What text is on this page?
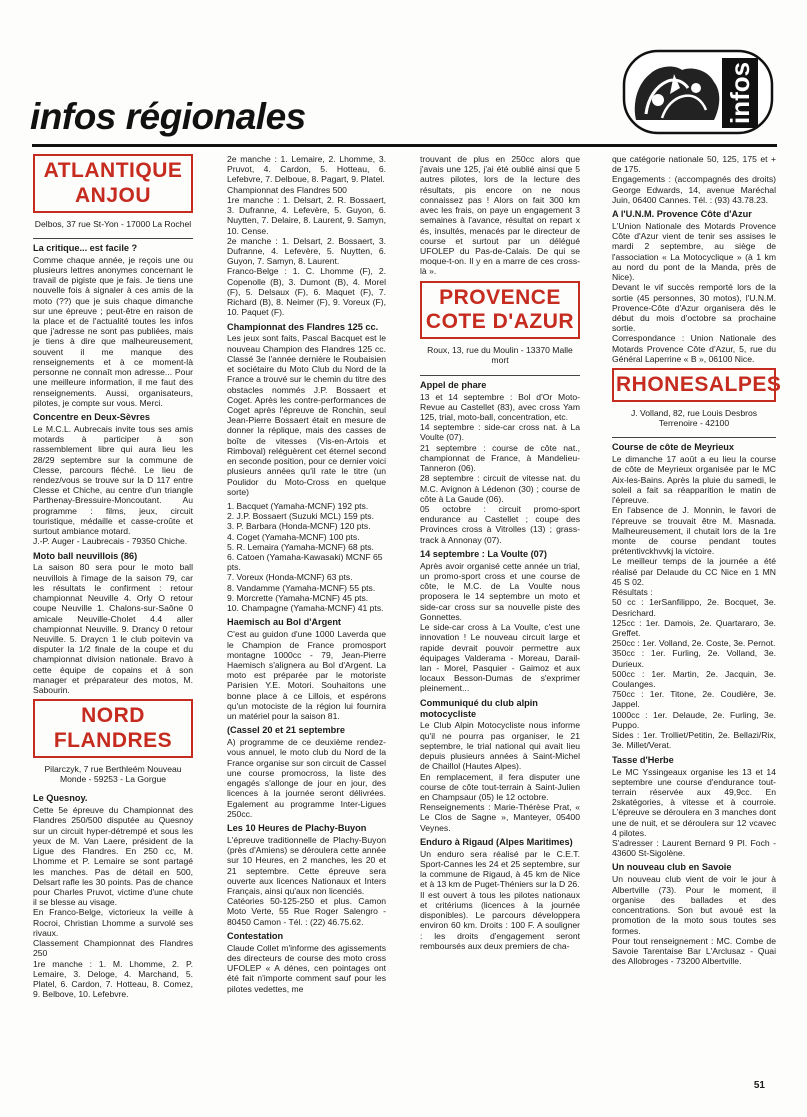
infos régionales	infos
ATLANTIQUE
ANJOU
Delbos, 37 rue St-Yon - 17000 La Rochel
La critique... est facile ?

Comme chaque année, je reçois une ou plusieurs lettres anonymes concernant le travail de pigiste que je fais. Je tiens une nouvelle fois à signaler à ces amis de la moto (??) que je suis chaque dimanche sur une épreuve ; peut-être en raison de la place et de l'actualité toutes les infos que j'adresse ne sont pas publiées, mais je tiens à dire que malheureusement, souvent il me manque des renseignements et à ce moment-là personne ne connaît mon adresse... Pour une meilleure information, il me faut des renseignements. Aussi, organisateurs, pilotes, je compte sur vous. Merci.

Concentre en Deux-Sèvres

Le M.C.L. Aubrecais invite tous ses amis motards à participer à son rassemblement libre qui aura lieu les 28/29 septembre sur la commune de Clesse, parcours fléché. Le lieu de rendez/vous se trouve sur la D 117 entre Clesse et Chiche, au centre d'un triangle Parthenay-Bressuire-Moncoutant. Au programme : films, jeux, circuit touristique, médaille et casse-croûte et surtout ambiance motard.

J.-P. Auger - Laubrecais - 79350 Chiche.

Moto ball neuvillois (86)

La saison 80 sera pour le moto ball neuvillois à l'image de la saison 79, car les résultats le confirment : retour championnat Neuville 4. Orly O retour coupe Neuville 1. Chalons-sur-Saône 0 amicale Neuville-Cholet 4.4 aller championnat Neuville. 9. Drancy 0 retour Neuville. 5. Draycn 1 le club poitevin va disputer la 1/2 finale de la coupe et du championnat division nationale. Bravo à cette équipe de copains et à son manager et préparateur des motos, M. Sabourin.

NORD
FLANDRES
Pilarczyk, 7 rue Berthleém Nouveau Monde - 59253 - La Gorgue
Le Quesnoy.

Cette 5e épreuve du Championnat des Flandres 250/500 disputée au Quesnoy sur un circuit hyper-détrempé et sous les yeux de M. Van Laere, président de la Ligue des Flandres. En 250 cc, M. Lhomme et P. Lemaire se sont partagé les manches. Pas de détail en 500, Delsart rafle les 30 points. Pas de chance pour Charles Pruvot, victime d'une chute il se blesse au visage.

En Franco-Belge, victorieux la veille à Rocroi, Christian Lhomme a survolé ses rivaux.

Classement Championnat des Flandres 250

1re manche : 1. M. Lhomme, 2. P. Lemaire, 3. Deloge, 4. Marchand, 5. Platel, 6. Cardon, 7. Hotteau, 8. Comez, 9. Belbove, 10. Lefebvre.

2e manche : 1. Lemaire, 2. Lhomme, 3. Pruvot, 4. Cardon, 5. Hotteau, 6. Lefebvre, 7. Delboue, 8. Pagart, 9. Platel.

Championnat des Flandres 500

1re manche : 1. Delsart, 2. R. Bossaert, 3. Dufranne, 4. Lefevère, 5. Guyon, 6. Nuytten, 7. Delaire, 8. Laurent, 9. Samyn, 10. Cense.

2e manche : 1. Delsart, 2. Bossaert, 3. Dufranne, 4. Lefevère, 5. Nuytten, 6. Guyon, 7. Samyn, 8. Laurent.

Franco-Belge : 1. C. Lhomme (F), 2. Copenolle (B), 3. Dumont (B), 4. Morel (F), 5. Delsaux (F), 6. Maquet (F), 7. Richard (B), 8. Neimer (F), 9. Voreux (F), 10. Paquet (F).

Championnat des Flandres 125 cc.

Les jeux sont faits, Pascal Bacquet est le nouveau Champion des Flandres 125 cc. Classé 3e l'année dernière le Roubaisien et sociétaire du Moto Club du Nord de la France a trouvé sur le chemin du titre des obstacles nommés J.P. Bossaert et Coget. Après les contre-performances de Coget après l'épreuve de Ronchin, seul Jean-Pierre Bossaert était en mesure de donner la réplique, mais des casses de boîte de vitesses (Vis-en-Artois et Rimboval) reléguèrent cet éternel second en seconde position, pour ce dernier voici plusieurs années qu'il rate le titre (un Poulidor du Moto-Cross en quelque sorte)

1. Bacquet (Yamaha-MCNF) 192 pts.
2. J.P. Bossaert (Suzuki MCL) 159 pts.
3. P. Barbara (Honda-MCNF) 120 pts.
4. Coget (Yamaha-MCNF) 100 pts.
5. R. Lemaira (Yamaha-MCNF) 68 pts.
6. Catoen (Yamaha-Kawasaki) MCNF 65 pts.
7. Voreux (Honda-MCNF) 63 pts.
8. Vandamme (Yamaha-MCNF) 55 pts.
9. Morcrette (Yamaha-MCNF) 45 pts.
10. Champagne (Yamaha-MCNF) 41 pts.
Haemisch au Bol d'Argent

C'est au guidon d'une 1000 Laverda que le Champion de France promosport montagne 1000cc - 79, Jean-Pierre Haemisch s'alignera au Bol d'Argent. La moto est préparée par le motoriste Parisien Y.E. Motori. Souhaitons une bonne place à ce Lillois, et espérons qu'un motociste de la région lui fournira un matériel pour la saison 81.

(Cassel 20 et 21 septembre

A) programme de ce deuxième rendez-vous annuel, le moto club du Nord de la France organise sur son circuit de Cassel une course promocross, la liste des engagés s'allonge de jour en jour, des licences à la journée seront délivrées. Egalement au programme Inter-Ligues 250cc.

Les 10 Heures de Plachy-Buyon

L'épreuve traditionnelle de Plachy-Buyon (près d'Amiens) se déroulera cette année sur 10 Heures, en 2 manches, les 20 et 21 septembre. Cette épreuve sera ouverte aux licences Nationaux et Inters Français, ainsi qu'aux non licenciés.

Catéories 50-125-250 et plus. Camon Moto Verte, 55 Rue Roger Salengro - 80450 Camon - Tél. : (22) 46.75.62.

Contestation

Claude Collet m'informe des agissements des directeurs de course des moto cross UFOLEP « A dénes, cen pointages ont été fait n'importe comment sauf pour les pilotes vedettes, me

trouvant de plus en 250cc alors que j'avais une 125, j'ai été oublié ainsi que 5 autres pilotes, lors de la lecture des résultats, pis encore on ne nous connaissez pas ! Alors on fait 300 km avec les frais, on paye un engagement 3 semaines à l'avance, résultat on repart x és, insultés, menacés par le directeur de course et surtout par un délégué UFOLEP du Pas-de-Calais. De qui se moque-t-on. Il y en a marre de ces cross-là ».

PROVENCE
COTE D'AZUR
Roux, 13, rue du Moulin - 13370 Malle mort
Appel de phare

13 et 14 septembre : Bol d'Or Moto-Revue au Castellet (83), avec cross Yam 125, trial, moto-ball, concentration, etc.

14 septembre : side-car cross nat. à La Voulte (07).

21 septembre : course de côte nat., championnat de France, à Mandelieu-Tanneron (06).

28 septembre : circuit de vitesse nat. du M.C. Avignon à Lédenon (30) ; course de côte à La Gaude (06).

05 octobre : circuit promo-sport endurance au Castellet ; coupe des Provinces cross à Vitrolles (13) ; grass-track à Annonay (07).

14 septembre : La Voulte (07)

Après avoir organisé cette année un trial, un promo-sport cross et une course de côte, le M.C. de La Voulte nous proposera le 14 septembre un moto et side-car cross sur sa nouvelle piste des Gonnettes.

Le side-car cross à La Voulte, c'est une innovation ! Le nouveau circuit large et rapide devrait pouvoir permettre aux équipages Valderama - Moreau, Darail-lan - Morel, Pasquier - Gaimoz et aux locaux Besson-Dumas de s'exprimer pleinement...

Communiqué du club alpin motocycliste

Le Club Alpin Motocycliste nous informe qu'il ne pourra pas organiser, le 21 septembre, le trial national qui avait lieu depuis plusieurs années à Saint-Michel de Chaillol (Hautes Alpes).

En remplacement, il fera disputer une course de côte tout-terrain à Saint-Julien en Champsaur (05) le 12 octobre.

Renseignements : Marie-Thérèse Prat, « Le Clos de Sagne », Manteyer, 05400 Veynes.

Enduro à Rigaud (Alpes Maritimes)

Un enduro sera réalisé par le C.E.T. Sport-Cannes les 24 et 25 septembre, sur la commune de Rigaud, à 45 km de Nice et à 13 km de Puget-Théniers sur la D 26.

Il est ouvert à tous les pilotes nationaux et critériums (licences à la journée disponibles). Le parcours développera environ 60 km. Droits : 100 F. A souligner : les droits d'engagement seront remboursés aux deux premiers de cha-

que catégorie nationale 50, 125, 175 et + de 175.

Engagements : (accompagnés des droits) George Edwards, 14, avenue Maréchal Juin, 06400 Cannes. Tél. : (93) 43.78.23.

A l'U.N.M. Provence Côte d'Azur

L'Union Nationale des Motards Provence Côte d'Azur vient de tenir ses assises le mardi 2 septembre, au siège de l'association « La Motocyclique » (à 1 km au nord du pont de la Manda, près de Nice).

Devant le vif succès remporté lors de la sortie (45 personnes, 30 motos), l'U.N.M. Provence-Côte d'Azur organisera dès le début du mois d'octobre sa prochaine sortie.

Correspondance : Union Nationale des Motards Provence Côte d'Azur, 5, rue du Général Laperrine « B », 06100 Nice.

RHONESALPES
J. Volland, 82, rue Louis Desbros Terrenoire - 42100
Course de côte de Meyrieux

Le dimanche 17 août a eu lieu la course de côte de Meyrieux organisée par le MC Aix-les-Bains. Après la pluie du samedi, le soleil a fait sa réapparition le matin de l'épreuve.

En l'absence de J. Monnin, le favori de l'épreuve se trouvait être M. Masnada. Malheureusement, il chutait lors de la 1re monte de course pendant toutes prétentivckhvvkj la victoire.

Le meilleur temps de la journée a été réalisé par Delaude du CC Nice en 1 MN 45 S 02.

Résultats :

50 cc : 1erSanfilippo, 2e. Bocquet, 3e. Desrichard.

125cc : 1er. Damois, 2e. Quartararo, 3e. Greffet.

250cc : 1er. Volland, 2e. Coste, 3e. Pernot.

350cc : 1er. Furling, 2e. Volland, 3e. Durieux.

500cc : 1er. Martin, 2e. Jacquin, 3e. Coulanges.

750cc : 1er. Titone, 2e. Coudière, 3e. Jappel.

1000cc : 1er. Delaude, 2e. Furling, 3e. Puppo.

Sides : 1er. Trolliet/Petitin, 2e. Bellazi/Rix, 3e. Millet/Verat.

Tasse d'Herbe

Le MC Yssingeaux organise les 13 et 14 septembre une course d'endurance tout-terrain réservée aux 49,9cc. En 2skatégories, à vitesse et à courroie. L'épreuve se déroulera en 3 manches dont une de nuit, et se déroulera sur 12 vcavec 4 pilotes.

S'adresser : Laurent Bernard 9 Pl. Foch - 43600 St-Sigolène.

Un nouveau club en Savoie

Un nouveau club vient de voir le jour à Albertville (73). Pour le moment, il organise des ballades et des concentrations. Son but avoué est la promotion de la moto sous toutes ses formes.

Pour tout renseignement : MC. Combe de Savoie Tarentaise Bar L'Arclusaz - Quai des Allobroges - 73200 Albertville.

51
